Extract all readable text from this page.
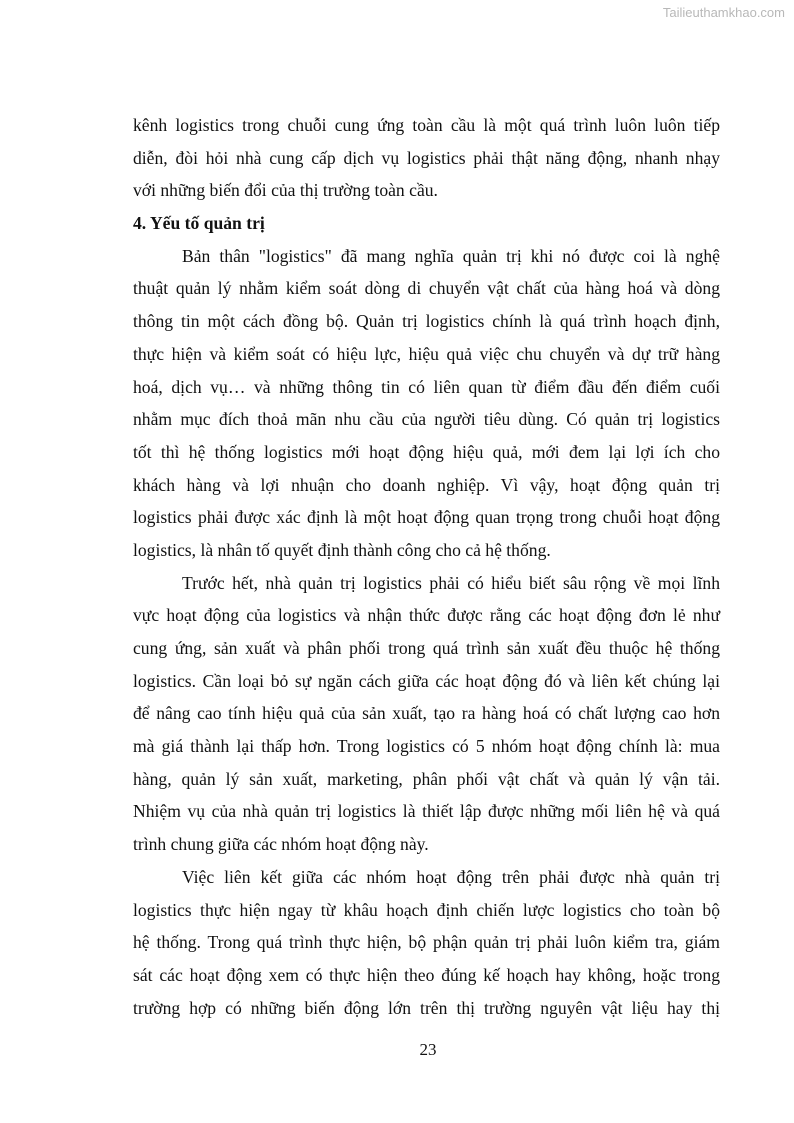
Tailieuthamkhao.com
kênh logistics trong chuỗi cung ứng toàn cầu là một quá trình luôn luôn tiếp
diễn, đòi hỏi nhà cung cấp dịch vụ logistics phải thật năng động, nhanh nhạy
với những biến đổi của thị trường toàn cầu.
4. Yếu tố quản trị
Bản thân "logistics" đã mang nghĩa quản trị khi nó được coi là nghệ
thuật quản lý nhằm kiểm soát dòng di chuyển vật chất của hàng hoá và dòng
thông tin một cách đồng bộ. Quản trị logistics chính là quá trình hoạch định,
thực hiện và kiểm soát có hiệu lực, hiệu quả việc chu chuyển và dự trữ hàng
hoá, dịch vụ… và những thông tin có liên quan từ điểm đầu đến điểm cuối
nhằm mục đích thoả mãn nhu cầu của người tiêu dùng. Có quản trị logistics
tốt thì hệ thống logistics mới hoạt động hiệu quả, mới đem lại lợi ích cho
khách hàng và lợi nhuận cho doanh nghiệp. Vì vậy, hoạt động quản trị
logistics phải được xác định là một hoạt động quan trọng trong chuỗi hoạt động
logistics, là nhân tố quyết định thành công cho cả hệ thống.
Trước hết, nhà quản trị logistics phải có hiểu biết sâu rộng về mọi lĩnh
vực hoạt động của logistics và nhận thức được rằng các hoạt động đơn lẻ như
cung ứng, sản xuất và phân phối trong quá trình sản xuất đều thuộc hệ thống
logistics. Cần loại bỏ sự ngăn cách giữa các hoạt động đó và liên kết chúng lại
để nâng cao tính hiệu quả của sản xuất, tạo ra hàng hoá có chất lượng cao hơn
mà giá thành lại thấp hơn. Trong logistics có 5 nhóm hoạt động chính là: mua
hàng, quản lý sản xuất, marketing, phân phối vật chất và quản lý vận tải.
Nhiệm vụ của nhà quản trị logistics là thiết lập được những mối liên hệ và quá
trình chung giữa các nhóm hoạt động này.
Việc liên kết giữa các nhóm hoạt động trên phải được nhà quản trị
logistics thực hiện ngay từ khâu hoạch định chiến lược logistics cho toàn bộ
hệ thống. Trong quá trình thực hiện, bộ phận quản trị phải luôn kiểm tra, giám
sát các hoạt động xem có thực hiện theo đúng kế hoạch hay không, hoặc trong
trường hợp có những biến động lớn trên thị trường nguyên vật liệu hay thị
23
